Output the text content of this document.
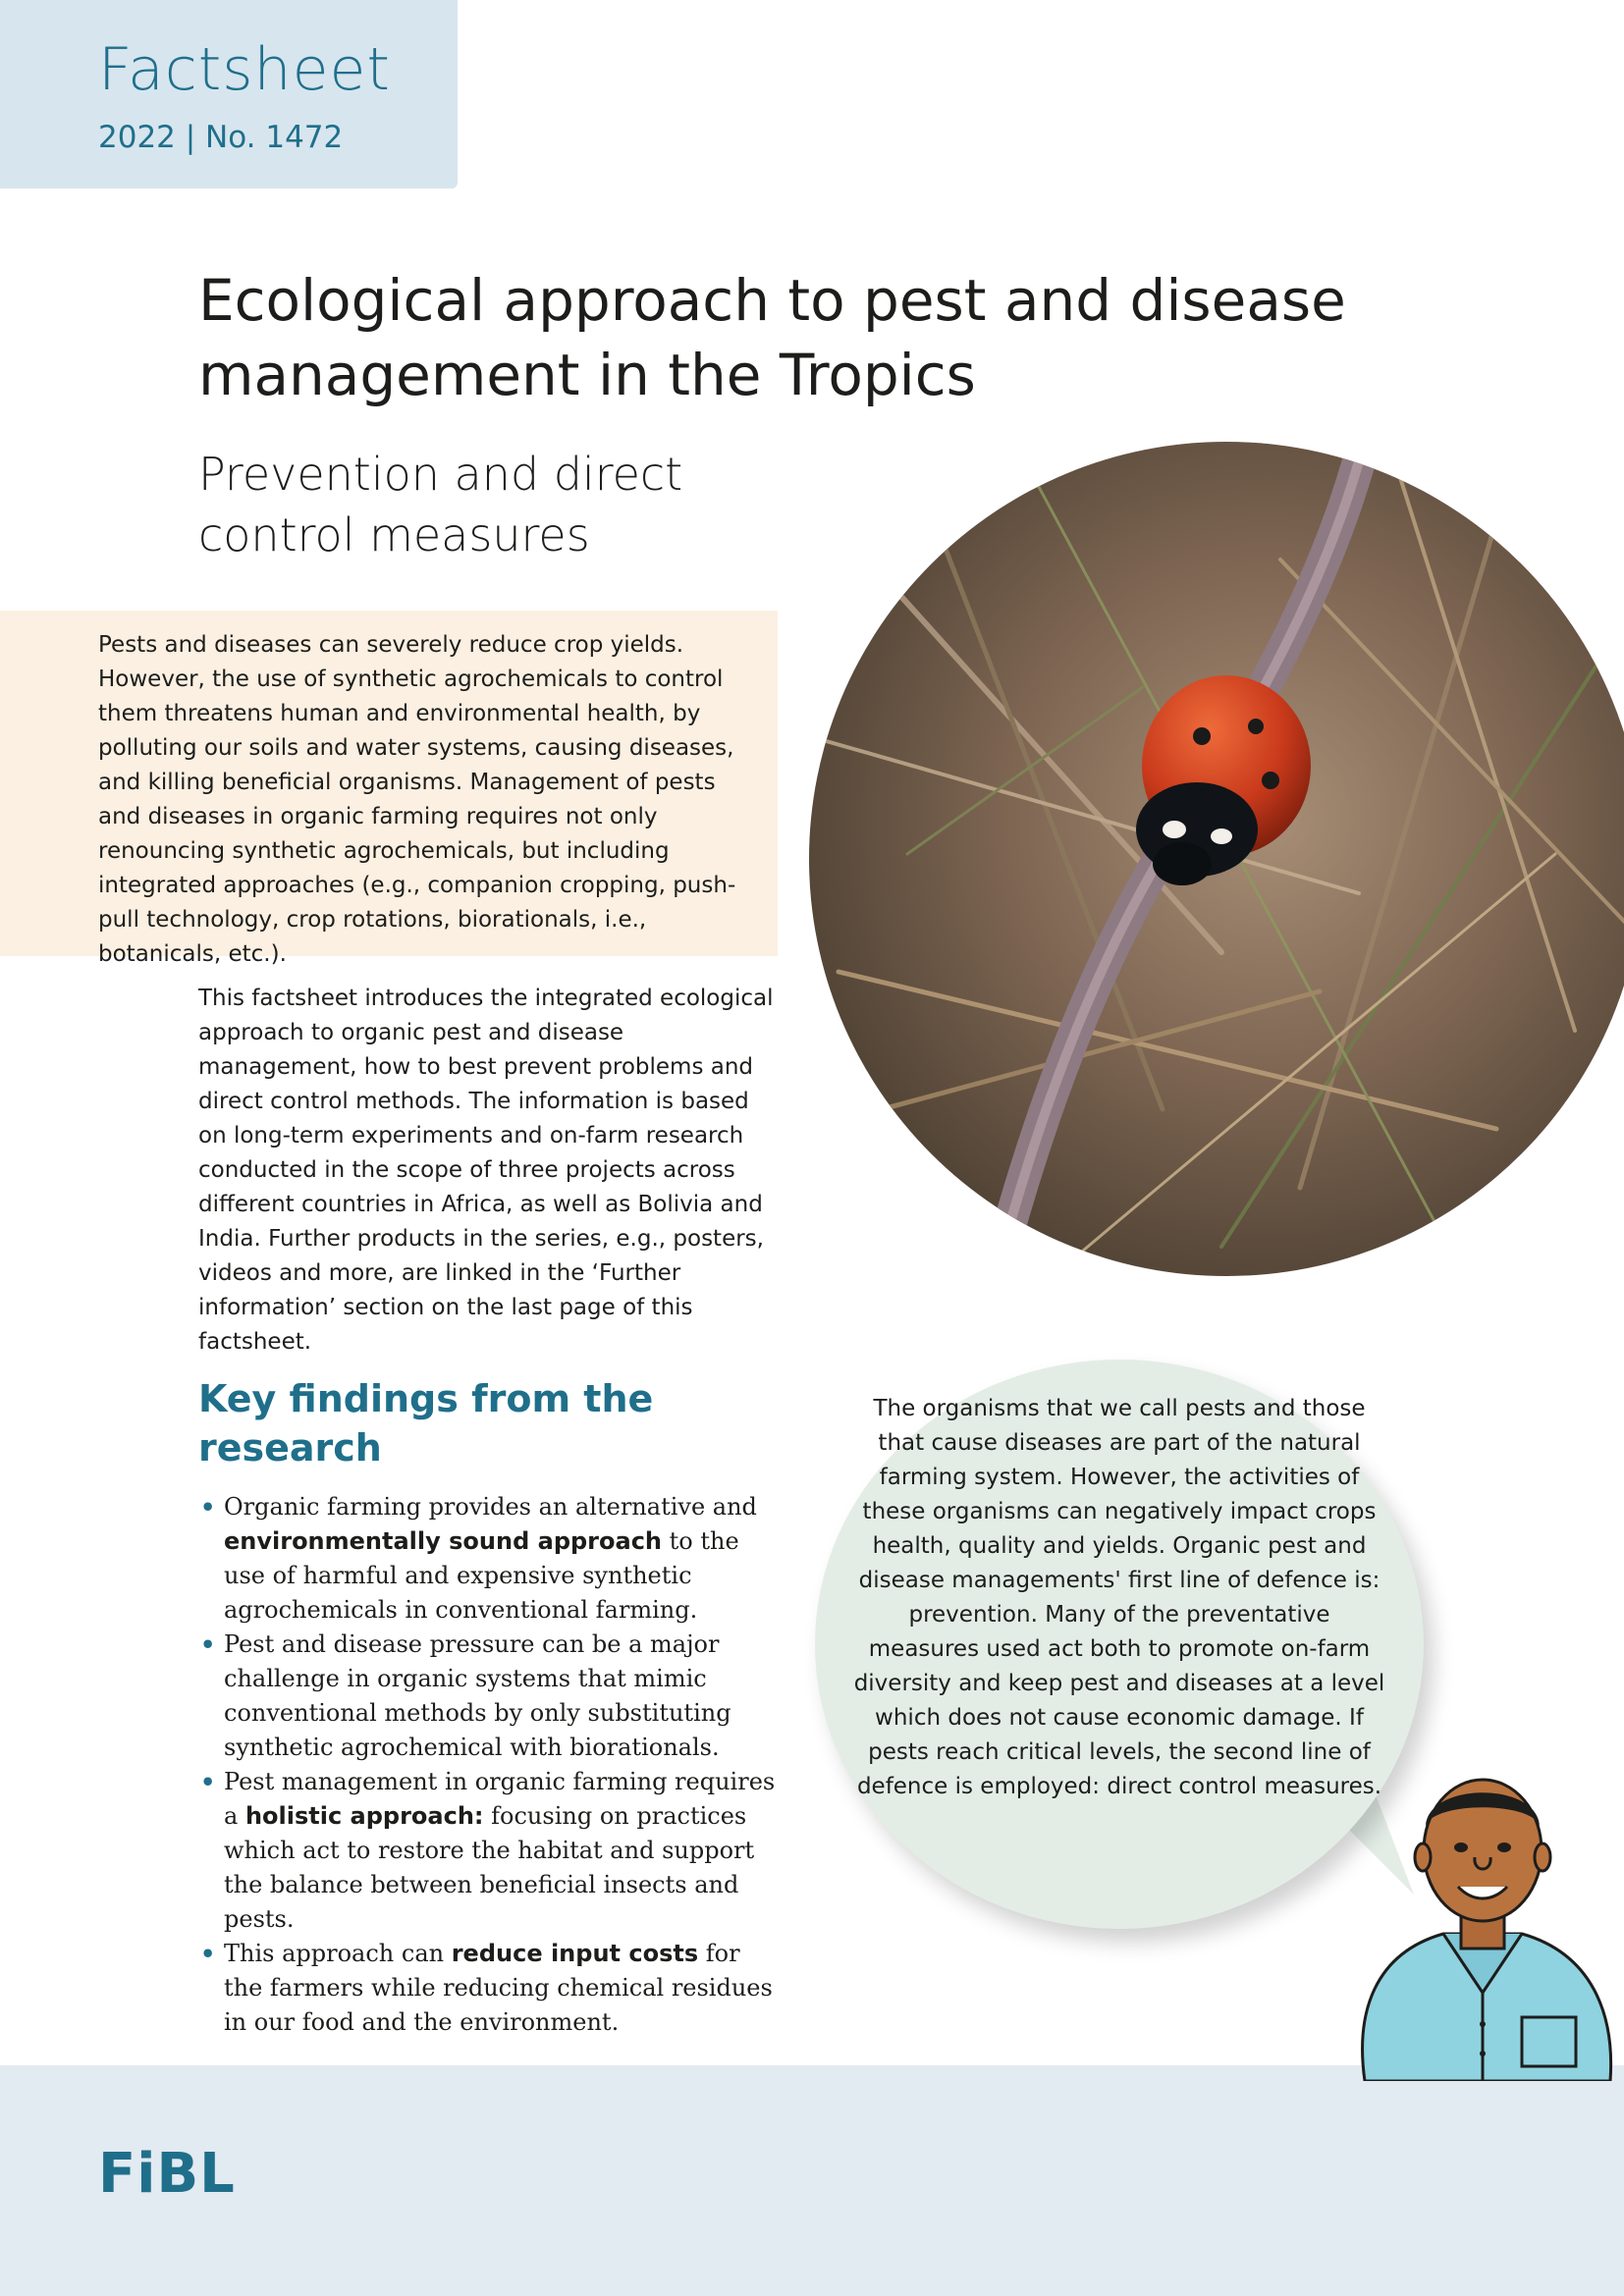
Factsheet
2022 | No. 1472
Ecological approach to pest and disease management in the Tropics
Prevention and direct control measures
Pests and diseases can severely reduce crop yields. However, the use of synthetic agrochemicals to control them threatens human and environmental health, by polluting our soils and water systems, causing diseases, and killing beneficial organisms. Management of pests and diseases in organic farming requires not only renouncing synthetic agrochemicals, but including integrated approaches (e.g., companion cropping, push-pull technology, crop rotations, biorationals, i.e., botanicals, etc.).
This factsheet introduces the integrated ecological approach to organic pest and disease management, how to best prevent problems and direct control methods. The information is based on long-term experiments and on-farm research conducted in the scope of three projects across different countries in Africa, as well as Bolivia and India. Further products in the series, e.g., posters, videos and more, are linked in the ‘Further information’ section on the last page of this factsheet.
Key findings from the research
• Organic farming provides an alternative and environmentally sound approach to the use of harmful and expensive synthetic agrochemicals in conventional farming.
• Pest and disease pressure can be a major challenge in organic systems that mimic conventional methods by only substituting synthetic agrochemical with biorationals.
• Pest management in organic farming requires a holistic approach: focusing on practices which act to restore the habitat and support the balance between beneficial insects and pests.
• This approach can reduce input costs for the farmers while reducing chemical residues in our food and the environment.
The organisms that we call pests and those that cause diseases are part of the natural farming system. However, the activities of these organisms can negatively impact crops health, quality and yields. Organic pest and disease managements' first line of defence is: prevention. Many of the preventative measures used act both to promote on-farm diversity and keep pest and diseases at a level which does not cause economic damage. If pests reach critical levels, the second line of defence is employed: direct control measures.
FiBL
